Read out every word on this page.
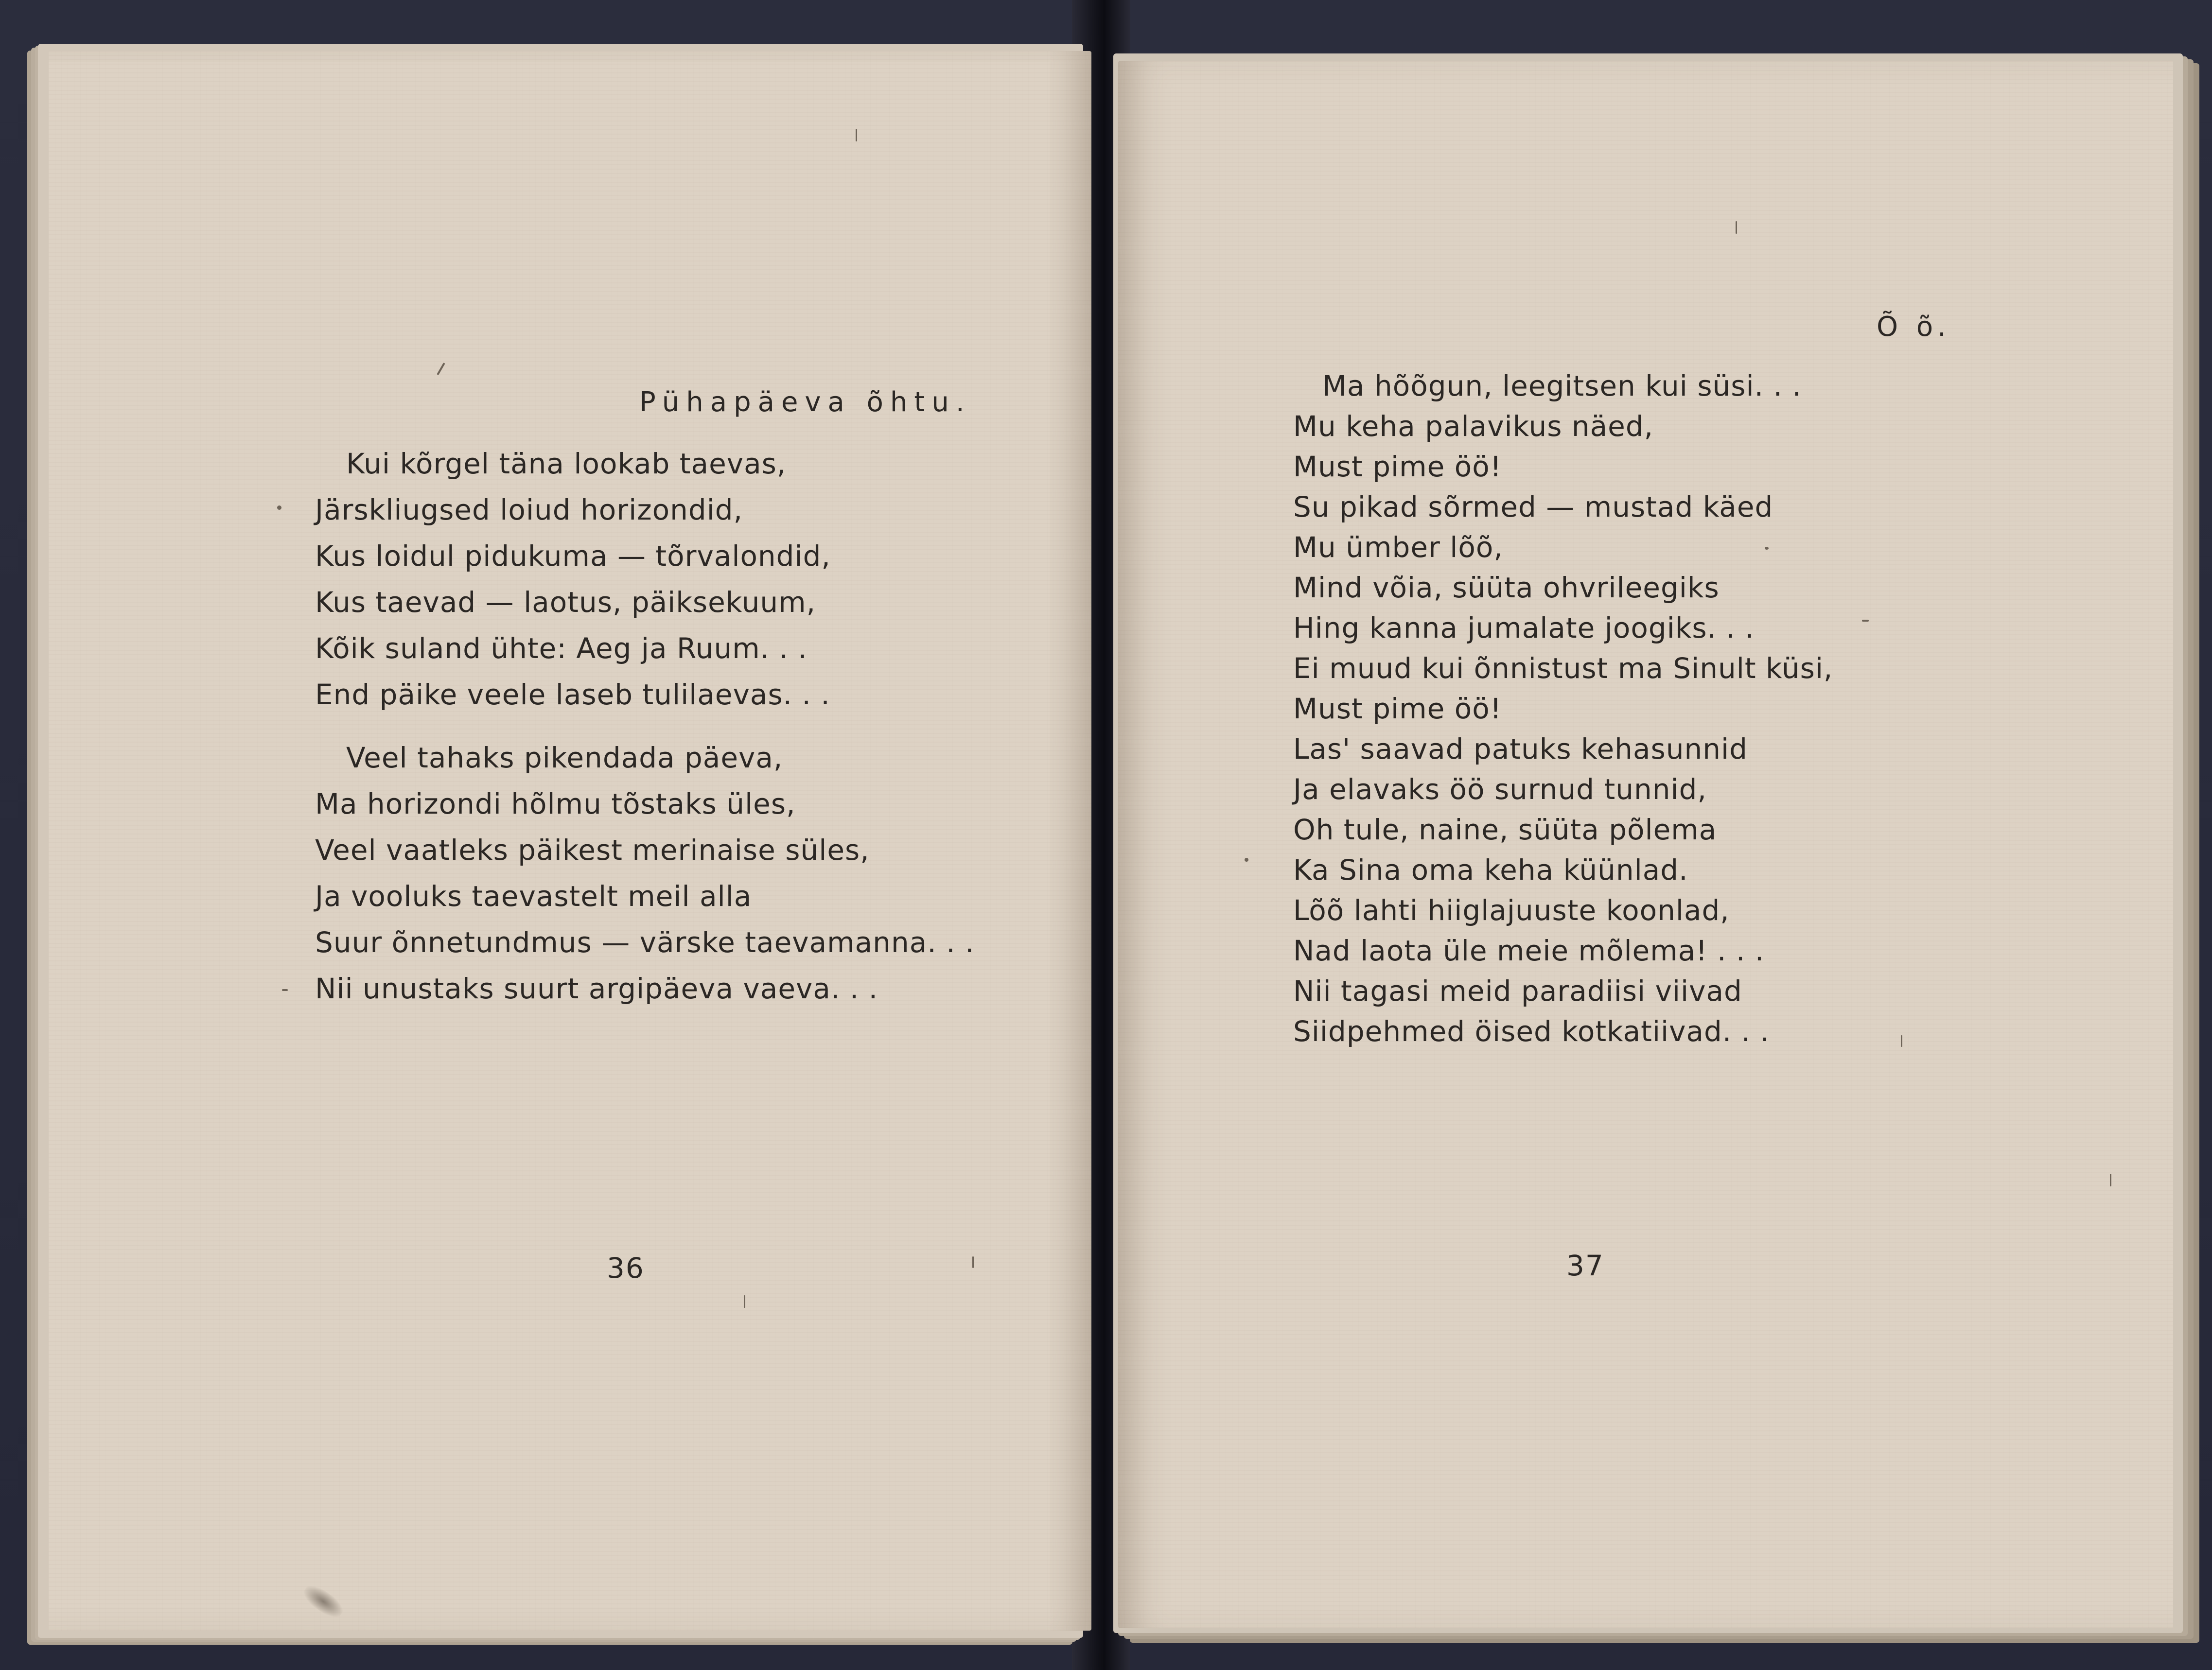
Pühapäeva õhtu.
Kui kõrgel täna lookab taevas,
Järskliugsed loiud horizondid,
Kus loidul pidukuma — tõrvalondid,
Kus taevad — laotus, päiksekuum,
Kõik suland ühte: Aeg ja Ruum. . .
End päike veele laseb tulilaevas. . .
Veel tahaks pikendada päeva,
Ma horizondi hõlmu tõstaks üles,
Veel vaatleks päikest merinaise süles,
Ja vooluks taevastelt meil alla
Suur õnnetundmus — värske taevamanna. . .
Nii unustaks suurt argipäeva vaeva. . .
36
Õ õ.
Ma hõõgun, leegitsen kui süsi. . .
Mu keha palavikus näed,
Must pime öö!
Su pikad sõrmed — mustad käed
Mu ümber lõõ,
Mind võia, süüta ohvrileegiks
Hing kanna jumalate joogiks. . .
Ei muud kui õnnistust ma Sinult küsi,
Must pime öö!
Las' saavad patuks kehasunnid
Ja elavaks öö surnud tunnid,
Oh tule, naine, süüta põlema
Ka Sina oma keha küünlad.
Lõõ lahti hiiglajuuste koonlad,
Nad laota üle meie mõlema! . . .
Nii tagasi meid paradiisi viivad
Siidpehmed öised kotkatiivad. . .
37
